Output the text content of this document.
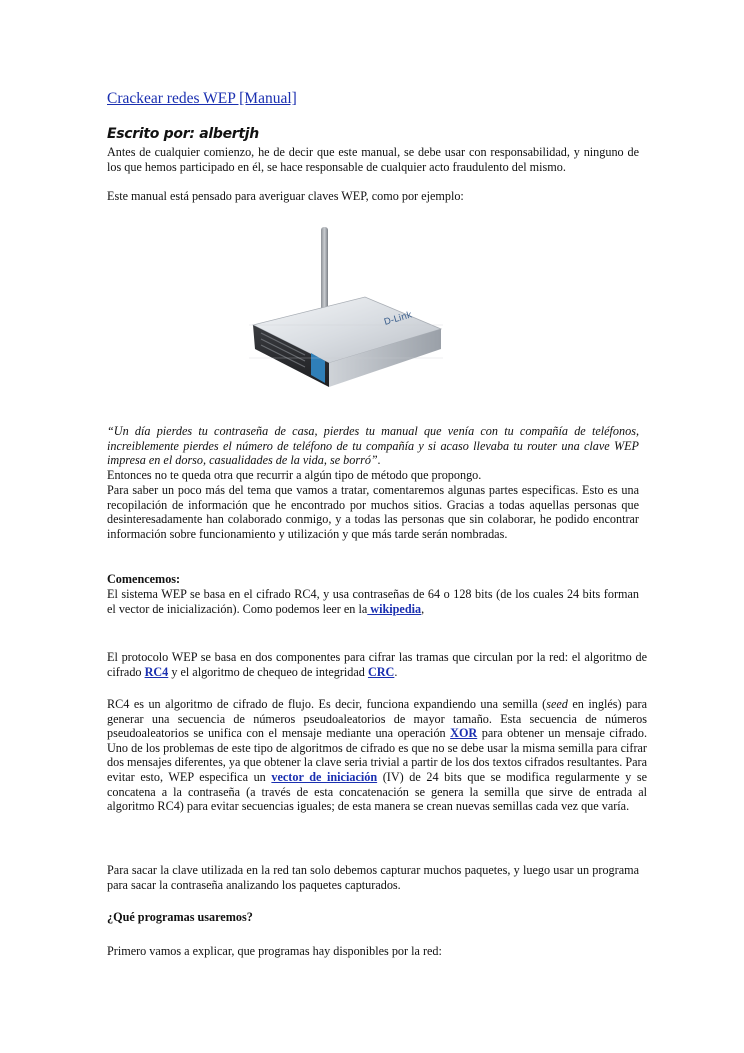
Crackear redes WEP [Manual]
Escrito por: albertjh

Antes de cualquier comienzo, he de decir que este manual, se debe usar con responsabilidad, y ninguno de los que hemos participado en él, se hace responsable de cualquier acto fraudulento del mismo.

Este manual está pensado para averiguar claves WEP, como por ejemplo:

“Un día pierdes tu contraseña de casa, pierdes tu manual que venía con tu compañía de teléfonos, increiblemente pierdes el número de teléfono de tu compañía y si acaso llevaba tu router una clave WEP impresa en el dorso, casualidades de la vida, se borró”.

Entonces no te queda otra que recurrir a algún tipo de método que propongo.

Para saber un poco más del tema que vamos a tratar, comentaremos algunas partes especificas. Esto es una recopilación de información que he encontrado por muchos sitios. Gracias a todas aquellas personas que desinteresadamente han colaborado conmigo, y a todas las personas que sin colaborar, he podido encontrar información sobre funcionamiento y utilización y que más tarde serán nombradas.

Comencemos:

El sistema WEP se basa en el cifrado RC4, y usa contraseñas de 64 o 128 bits (de los cuales 24 bits forman el vector de inicialización). Como podemos leer en la wikipedia,

El protocolo WEP se basa en dos componentes para cifrar las tramas que circulan por la red: el algoritmo de cifrado RC4 y el algoritmo de chequeo de integridad CRC.

RC4 es un algoritmo de cifrado de flujo. Es decir, funciona expandiendo una semilla (seed en inglés) para generar una secuencia de números pseudoaleatorios de mayor tamaño. Esta secuencia de números pseudoaleatorios se unifica con el mensaje mediante una operación XOR para obtener un mensaje cifrado. Uno de los problemas de este tipo de algoritmos de cifrado es que no se debe usar la misma semilla para cifrar dos mensajes diferentes, ya que obtener la clave seria trivial a partir de los dos textos cifrados resultantes. Para evitar esto, WEP especifica un vector de iniciación (IV) de 24 bits que se modifica regularmente y se concatena a la contraseña (a través de esta concatenación se genera la semilla que sirve de entrada al algoritmo RC4) para evitar secuencias iguales; de esta manera se crean nuevas semillas cada vez que varía.

Para sacar la clave utilizada en la red tan solo debemos capturar muchos paquetes, y luego usar un programa para sacar la contraseña analizando los paquetes capturados.

¿Qué programas usaremos?
Primero vamos a explicar, que programas hay disponibles por la red:
D-Link
